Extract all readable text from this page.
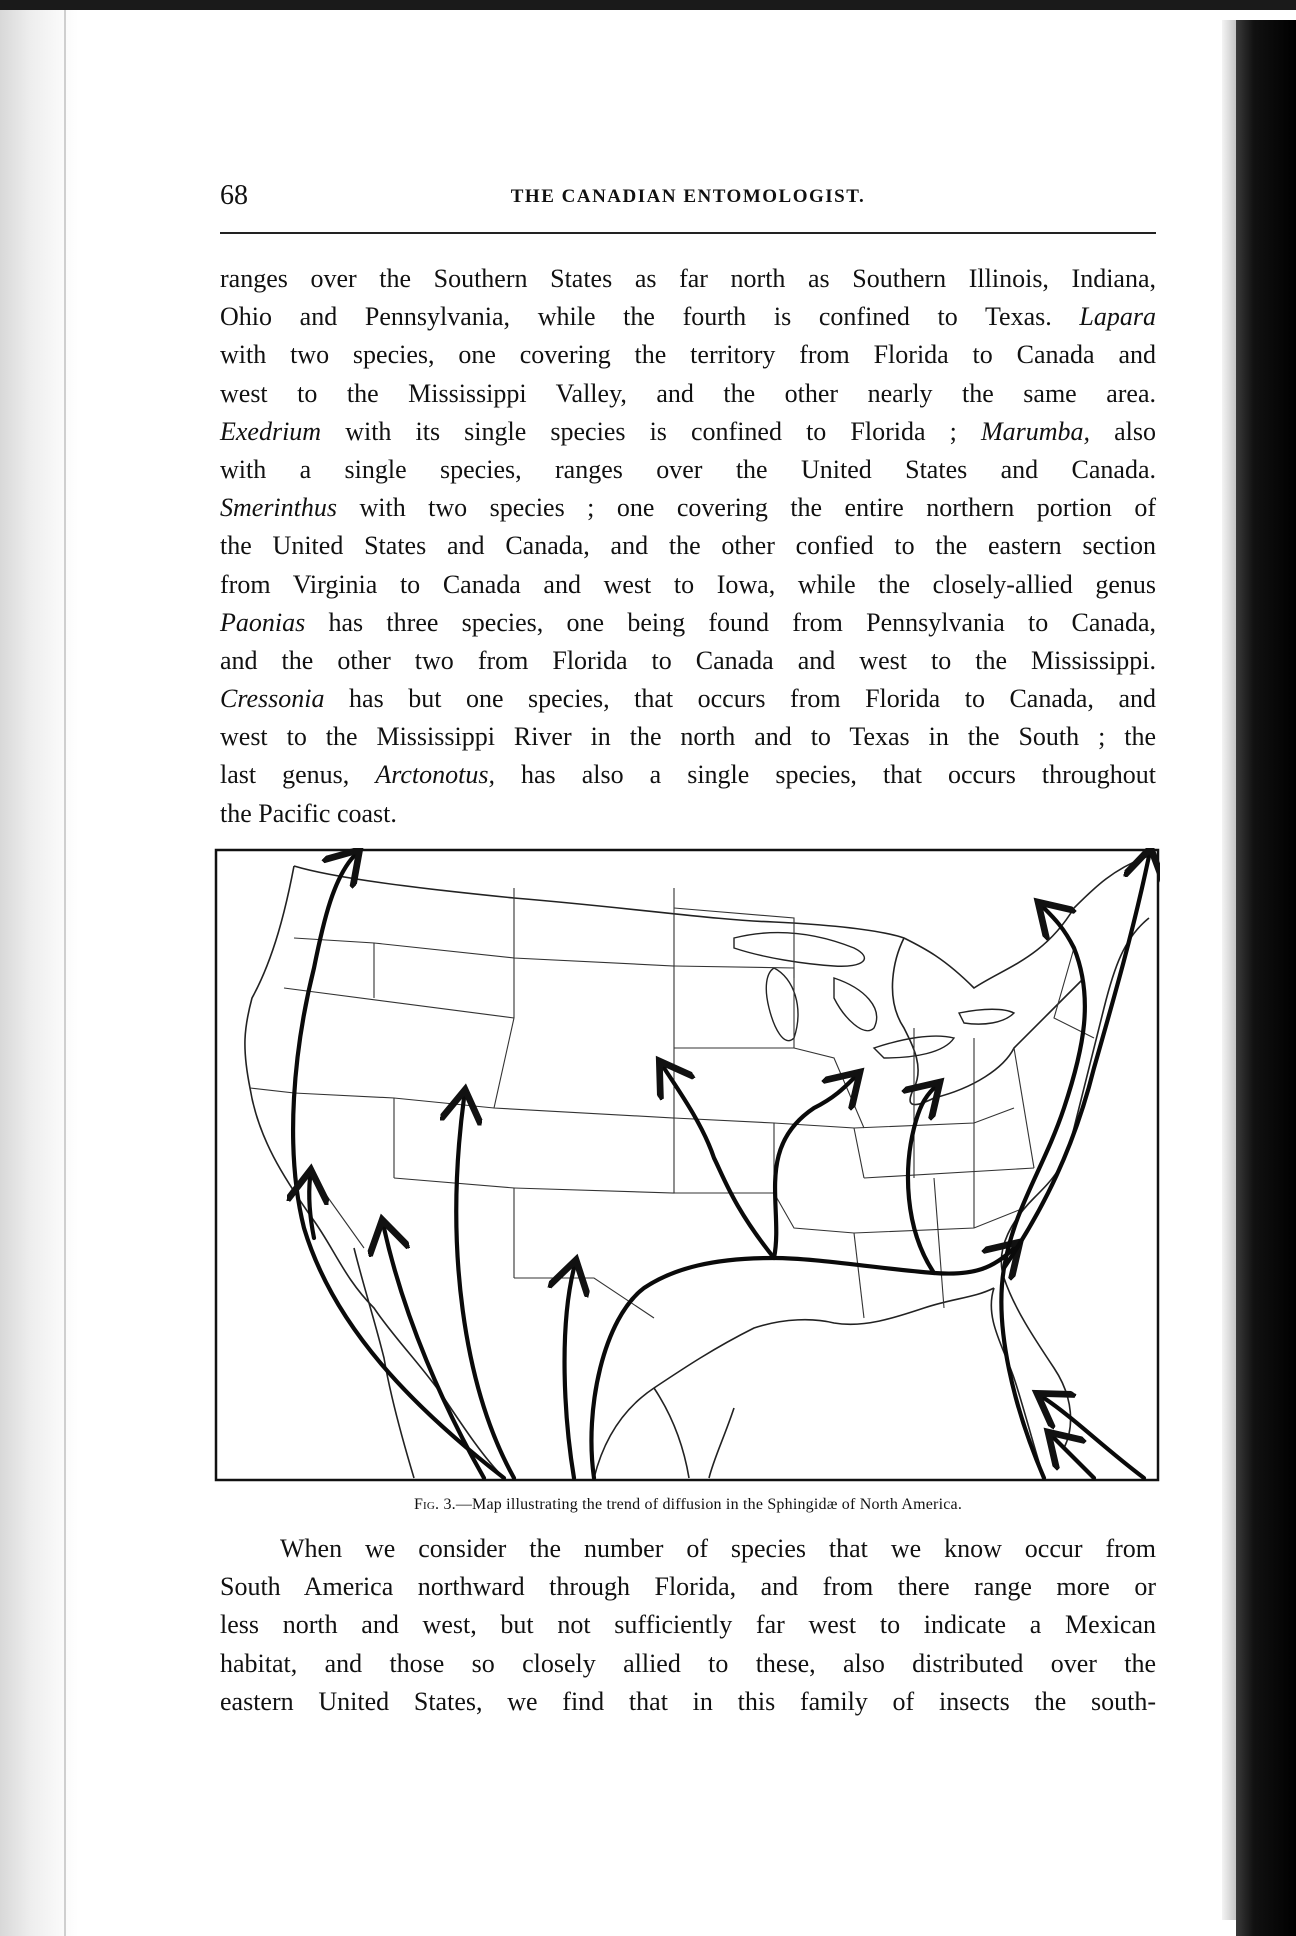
68	THE CANADIAN ENTOMOLOGIST.
ranges over the Southern States as far north as Southern Illinois, Indiana,
Ohio and Pennsylvania, while the fourth is confined to Texas. Lapara
with two species, one covering the territory from Florida to Canada and
west to the Mississippi Valley, and the other nearly the same area.
Exedrium with its single species is confined to Florida ; Marumba, also
with a single species, ranges over the United States and Canada.
Smerinthus with two species ; one covering the entire northern portion of
the United States and Canada, and the other confied to the eastern section
from Virginia to Canada and west to Iowa, while the closely-allied genus
Paonias has three species, one being found from Pennsylvania to Canada,
and the other two from Florida to Canada and west to the Mississippi.
Cressonia has but one species, that occurs from Florida to Canada, and
west to the Mississippi River in the north and to Texas in the South ; the
last genus, Arctonotus, has also a single species, that occurs throughout
the Pacific coast.
Fig. 3.—Map illustrating the trend of diffusion in the Sphingidæ of North America.
When we consider the number of species that we know occur from
South America northward through Florida, and from there range more or
less north and west, but not sufficiently far west to indicate a Mexican
habitat, and those so closely allied to these, also distributed over the
eastern United States, we find that in this family of insects the south-
